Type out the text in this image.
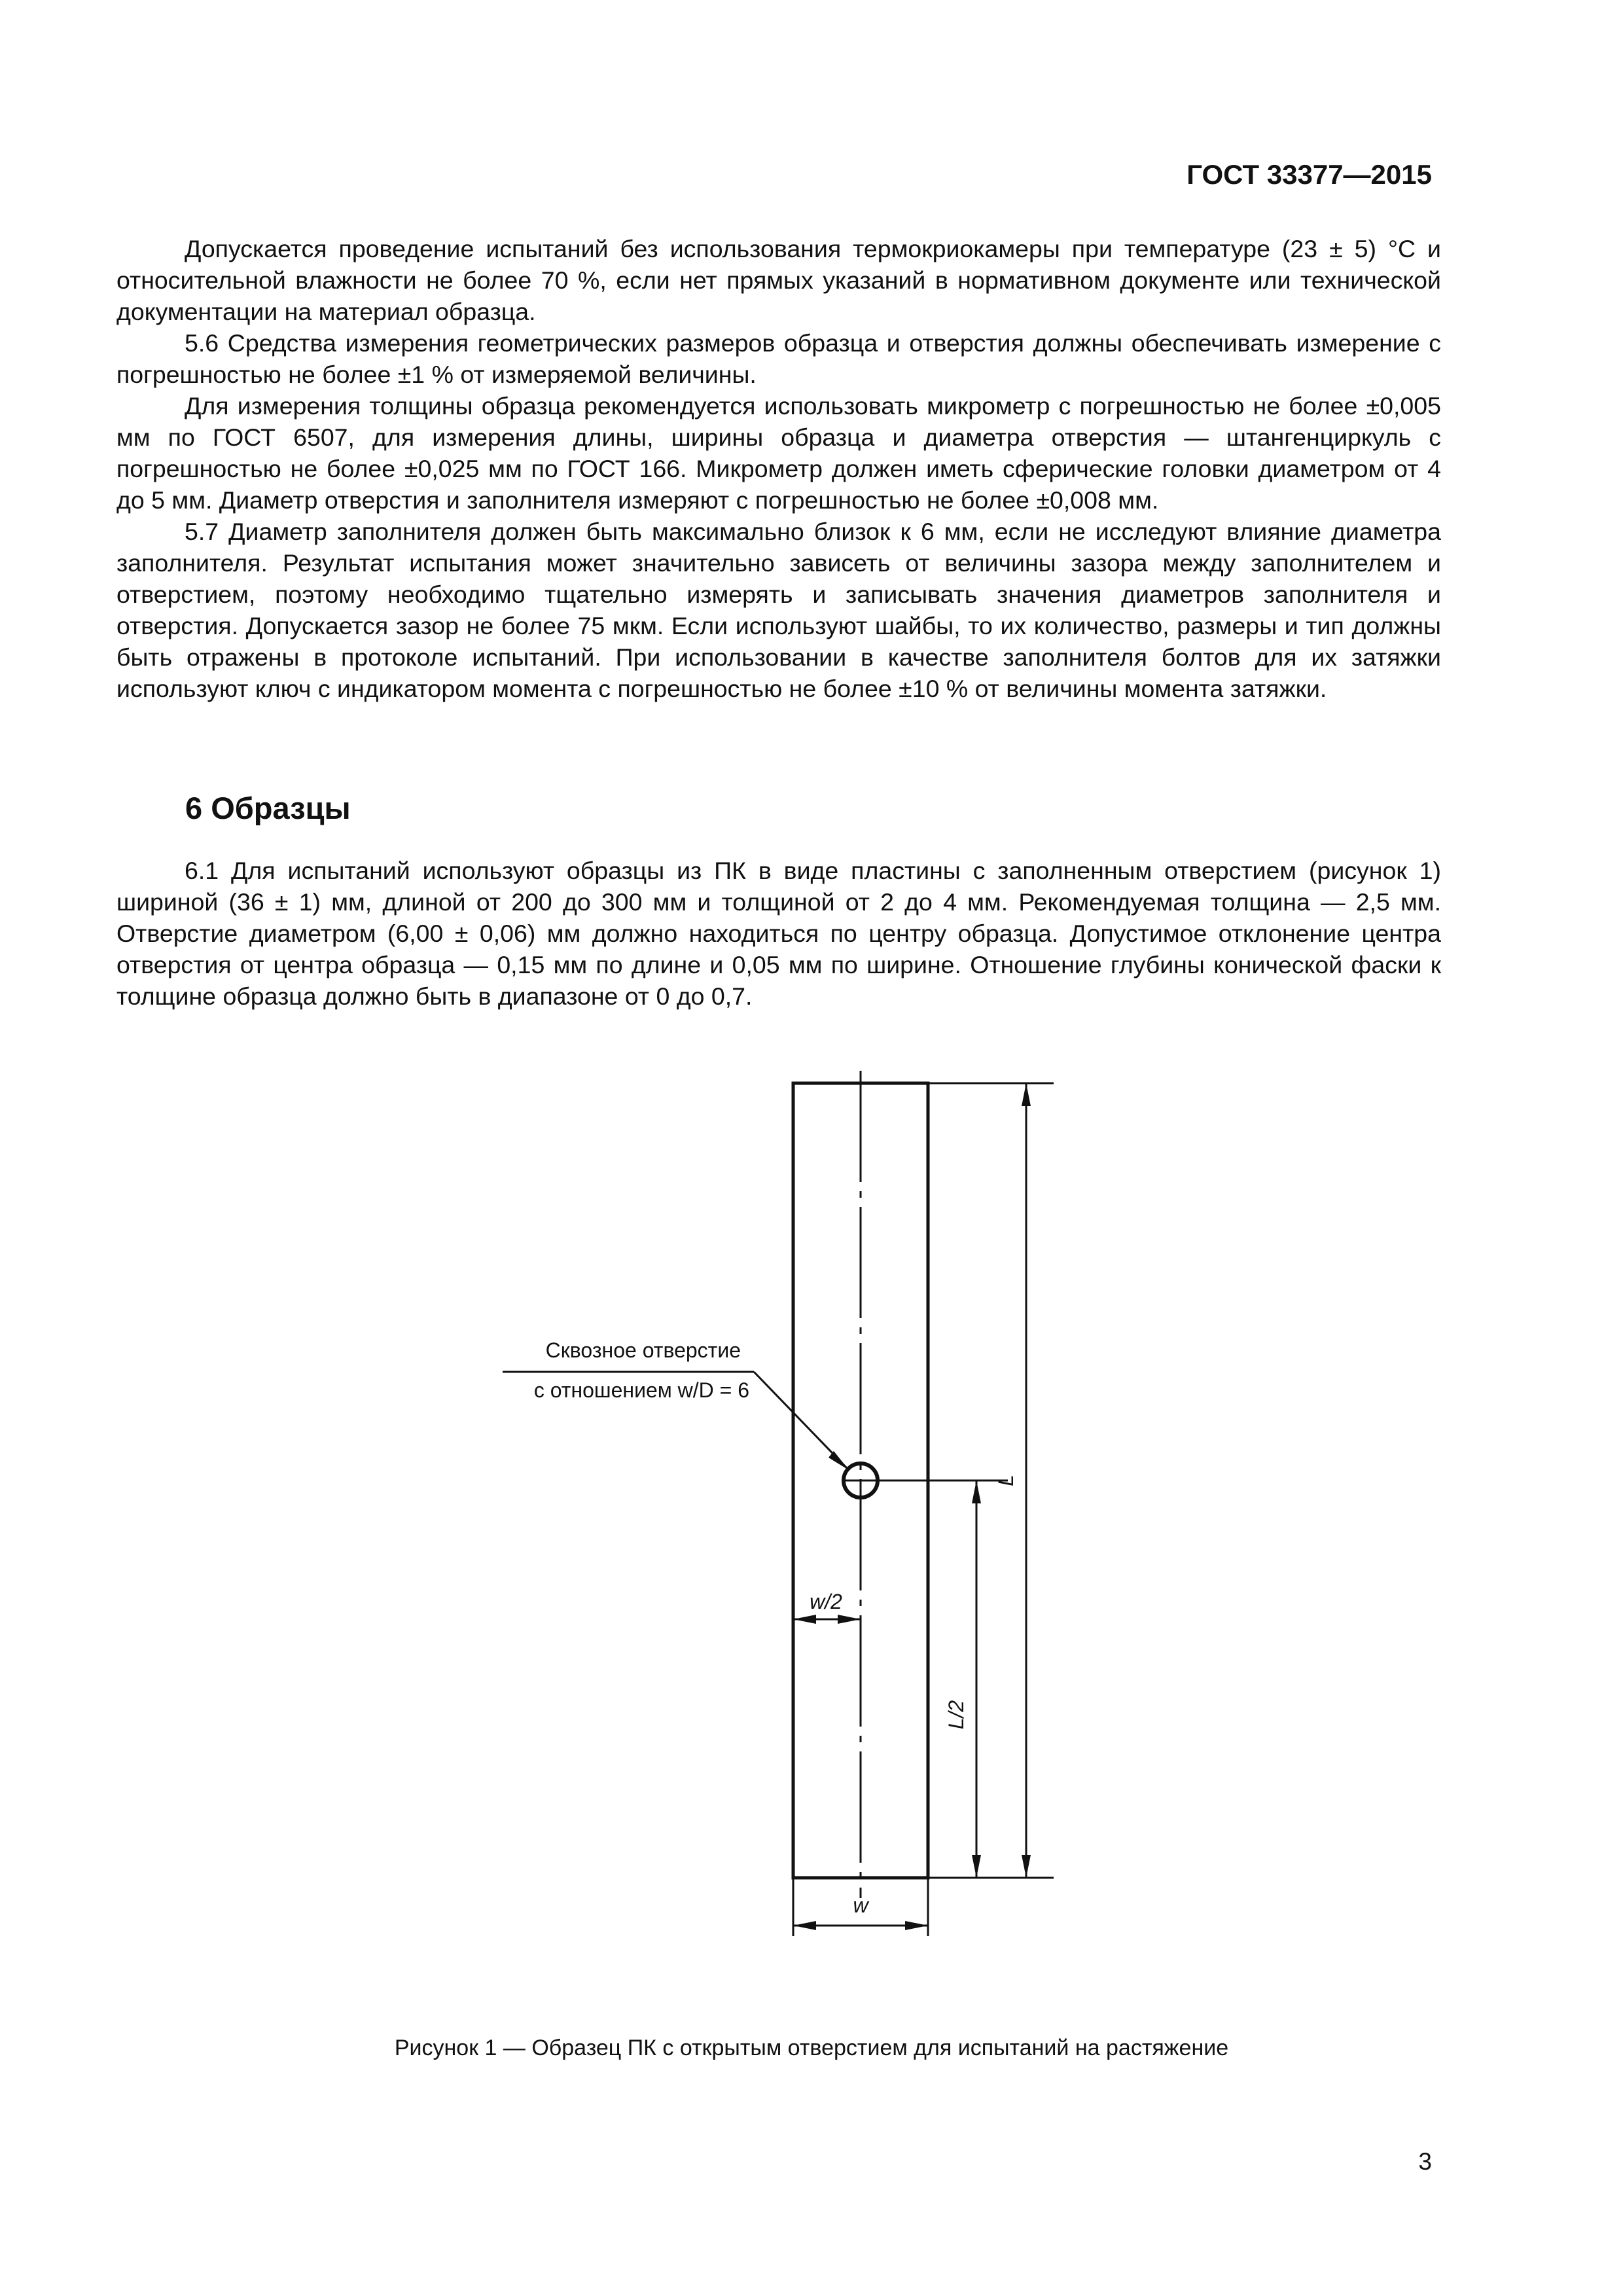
ГОСТ 33377—2015

Допускается проведение испытаний без использования термокриокамеры при температуре (23 ± 5) °С и относительной влажности не более 70 %, если нет прямых указаний в нормативном документе или технической документации на материал образца.

5.6 Средства измерения геометрических размеров образца и отверстия должны обеспечивать измерение с погрешностью не более ±1 % от измеряемой величины.

Для измерения толщины образца рекомендуется использовать микрометр с погрешностью не более ±0,005 мм по ГОСТ 6507, для измерения длины, ширины образца и диаметра отверстия — штангенциркуль с погрешностью не более ±0,025 мм по ГОСТ 166. Микрометр должен иметь сферические головки диаметром от 4 до 5 мм. Диаметр отверстия и заполнителя измеряют с погрешностью не более ±0,008 мм.

5.7 Диаметр заполнителя должен быть максимально близок к 6 мм, если не исследуют влияние диаметра заполнителя. Результат испытания может значительно зависеть от величины зазора между заполнителем и отверстием, поэтому необходимо тщательно измерять и записывать значения диаметров заполнителя и отверстия. Допускается зазор не более 75 мкм. Если используют шайбы, то их количество, размеры и тип должны быть отражены в протоколе испытаний. При использовании в качестве заполнителя болтов для их затяжки используют ключ с индикатором момента с погрешностью не более ±10 % от величины момента затяжки.

6 Образцы

6.1 Для испытаний используют образцы из ПК в виде пластины с заполненным отверстием (рисунок 1) шириной (36 ± 1) мм, длиной от 200 до 300 мм и толщиной от 2 до 4 мм. Рекомендуемая толщина — 2,5 мм. Отверстие диаметром (6,00 ± 0,06) мм должно находиться по центру образца. Допустимое отклонение центра отверстия от центра образца — 0,15 мм по длине и 0,05 мм по ширине. Отношение глубины конической фаски к толщине образца должно быть в диапазоне от 0 до 0,7.

Сквозное отверстие
с отношением w/D = 6
L
L/2
w/2
w
Рисунок 1 — Образец ПК с открытым отверстием для испытаний на растяжение
3
